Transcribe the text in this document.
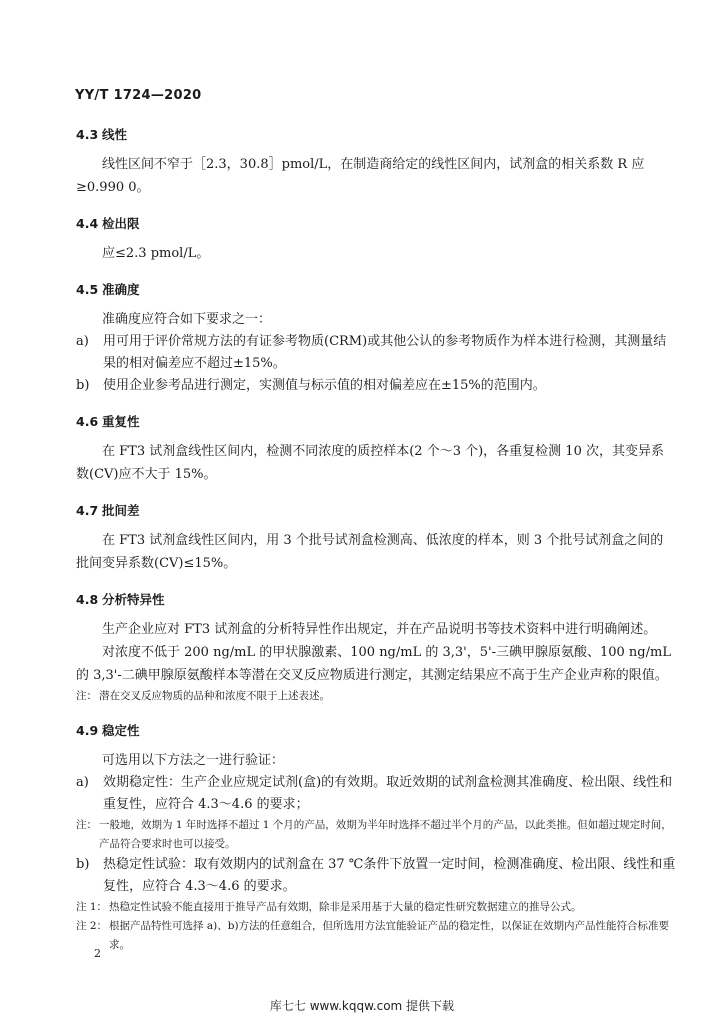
YY/T 1724—2020
4.3 线性
线性区间不窄于［2.3，30.8］pmol/L，在制造商给定的线性区间内，试剂盒的相关系数 R 应≥0.990 0。
4.4 检出限
应≤2.3 pmol/L。
4.5 准确度
准确度应符合如下要求之一：
a)	用可用于评价常规方法的有证参考物质(CRM)或其他公认的参考物质作为样本进行检测，其测量结果的相对偏差应不超过±15%。
b)	使用企业参考品进行测定，实测值与标示值的相对偏差应在±15%的范围内。
4.6 重复性
在 FT3 试剂盒线性区间内，检测不同浓度的质控样本(2 个～3 个)，各重复检测 10 次，其变异系数(CV)应不大于 15%。
4.7 批间差
在 FT3 试剂盒线性区间内，用 3 个批号试剂盒检测高、低浓度的样本，则 3 个批号试剂盒之间的批间变异系数(CV)≤15%。
4.8 分析特异性
生产企业应对 FT3 试剂盒的分析特异性作出规定，并在产品说明书等技术资料中进行明确阐述。
对浓度不低于 200 ng/mL 的甲状腺激素、100 ng/mL 的 3,3'，5'-三碘甲腺原氨酸、100 ng/mL 的 3,3'-二碘甲腺原氨酸样本等潜在交叉反应物质进行测定，其测定结果应不高于生产企业声称的限值。
注： 潜在交叉反应物质的品种和浓度不限于上述表述。
4.9 稳定性
可选用以下方法之一进行验证：
a)	效期稳定性：生产企业应规定试剂(盒)的有效期。取近效期的试剂盒检测其准确度、检出限、线性和重复性，应符合 4.3～4.6 的要求；
注： 一般地，效期为 1 年时选择不超过 1 个月的产品，效期为半年时选择不超过半个月的产品，以此类推。但如超过规定时间，产品符合要求时也可以接受。
b)	热稳定性试验：取有效期内的试剂盒在 37 ℃条件下放置一定时间，检测准确度、检出限、线性和重复性，应符合 4.3～4.6 的要求。
注 1： 热稳定性试验不能直接用于推导产品有效期，除非是采用基于大量的稳定性研究数据建立的推导公式。
注 2： 根据产品特性可选择 a)、b)方法的任意组合，但所选用方法宜能验证产品的稳定性，以保证在效期内产品性能符合标准要求。
2
库七七 www.kqqw.com 提供下载
